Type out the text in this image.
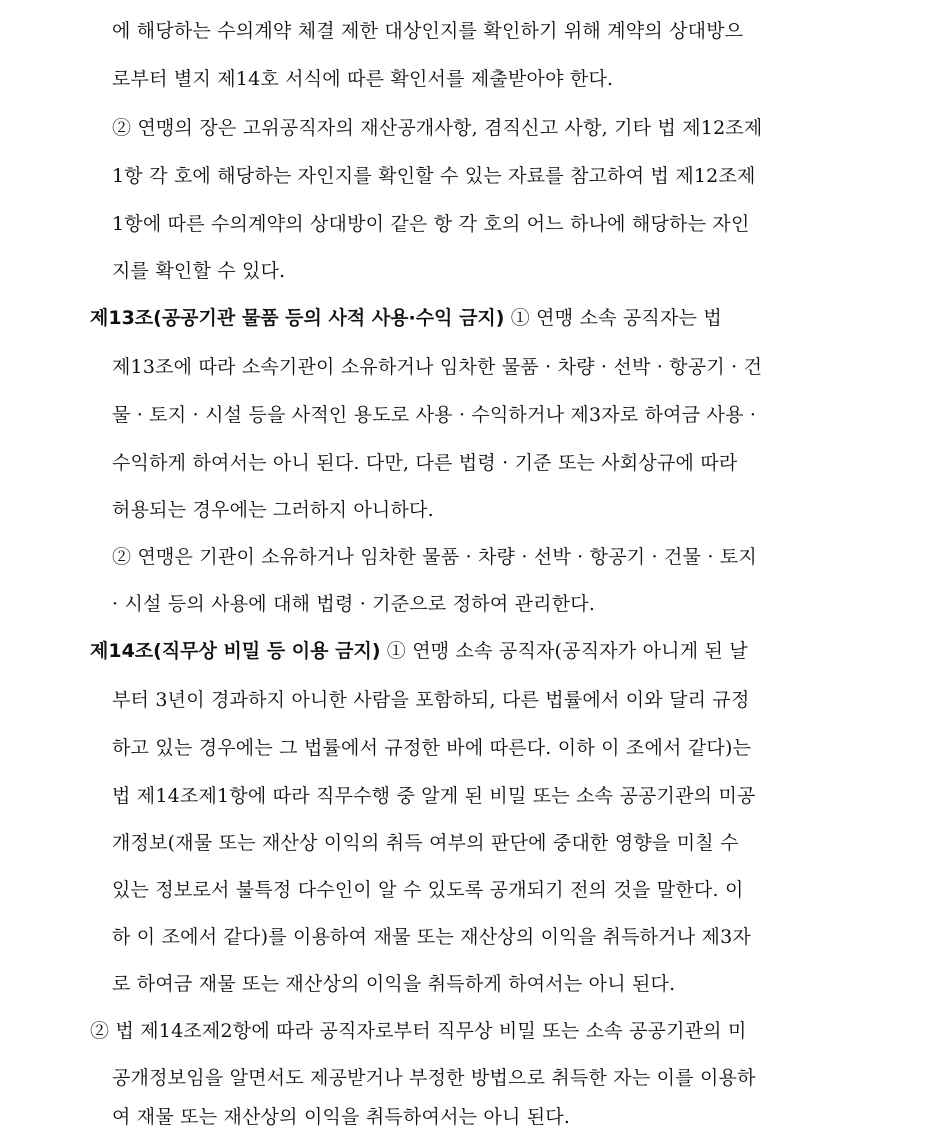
에 해당하는 수의계약 체결 제한 대상인지를 확인하기 위해 계약의 상대방으
로부터 별지 제14호 서식에 따른 확인서를 제출받아야 한다.
② 연맹의 장은 고위공직자의 재산공개사항, 겸직신고 사항, 기타 법 제12조제
1항 각 호에 해당하는 자인지를 확인할 수 있는 자료를 참고하여 법 제12조제
1항에 따른 수의계약의 상대방이 같은 항 각 호의 어느 하나에 해당하는 자인
지를 확인할 수 있다.
제13조(공공기관 물품 등의 사적 사용·수익 금지) ① 연맹 소속 공직자는 법
제13조에 따라 소속기관이 소유하거나 임차한 물품 · 차량 · 선박 · 항공기 · 건
물 · 토지 · 시설 등을 사적인 용도로 사용 · 수익하거나 제3자로 하여금 사용 ·
수익하게 하여서는 아니 된다. 다만, 다른 법령 · 기준 또는 사회상규에 따라
허용되는 경우에는 그러하지 아니하다.
② 연맹은 기관이 소유하거나 임차한 물품 · 차량 · 선박 · 항공기 · 건물 · 토지
· 시설 등의 사용에 대해 법령 · 기준으로 정하여 관리한다.
제14조(직무상 비밀 등 이용 금지) ① 연맹 소속 공직자(공직자가 아니게 된 날
부터 3년이 경과하지 아니한 사람을 포함하되, 다른 법률에서 이와 달리 규정
하고 있는 경우에는 그 법률에서 규정한 바에 따른다. 이하 이 조에서 같다)는
법 제14조제1항에 따라 직무수행 중 알게 된 비밀 또는 소속 공공기관의 미공
개정보(재물 또는 재산상 이익의 취득 여부의 판단에 중대한 영향을 미칠 수
있는 정보로서 불특정 다수인이 알 수 있도록 공개되기 전의 것을 말한다. 이
하 이 조에서 같다)를 이용하여 재물 또는 재산상의 이익을 취득하거나 제3자
로 하여금 재물 또는 재산상의 이익을 취득하게 하여서는 아니 된다.
② 법 제14조제2항에 따라 공직자로부터 직무상 비밀 또는 소속 공공기관의 미
공개정보임을 알면서도 제공받거나 부정한 방법으로 취득한 자는 이를 이용하
여 재물 또는 재산상의 이익을 취득하여서는 아니 된다.
